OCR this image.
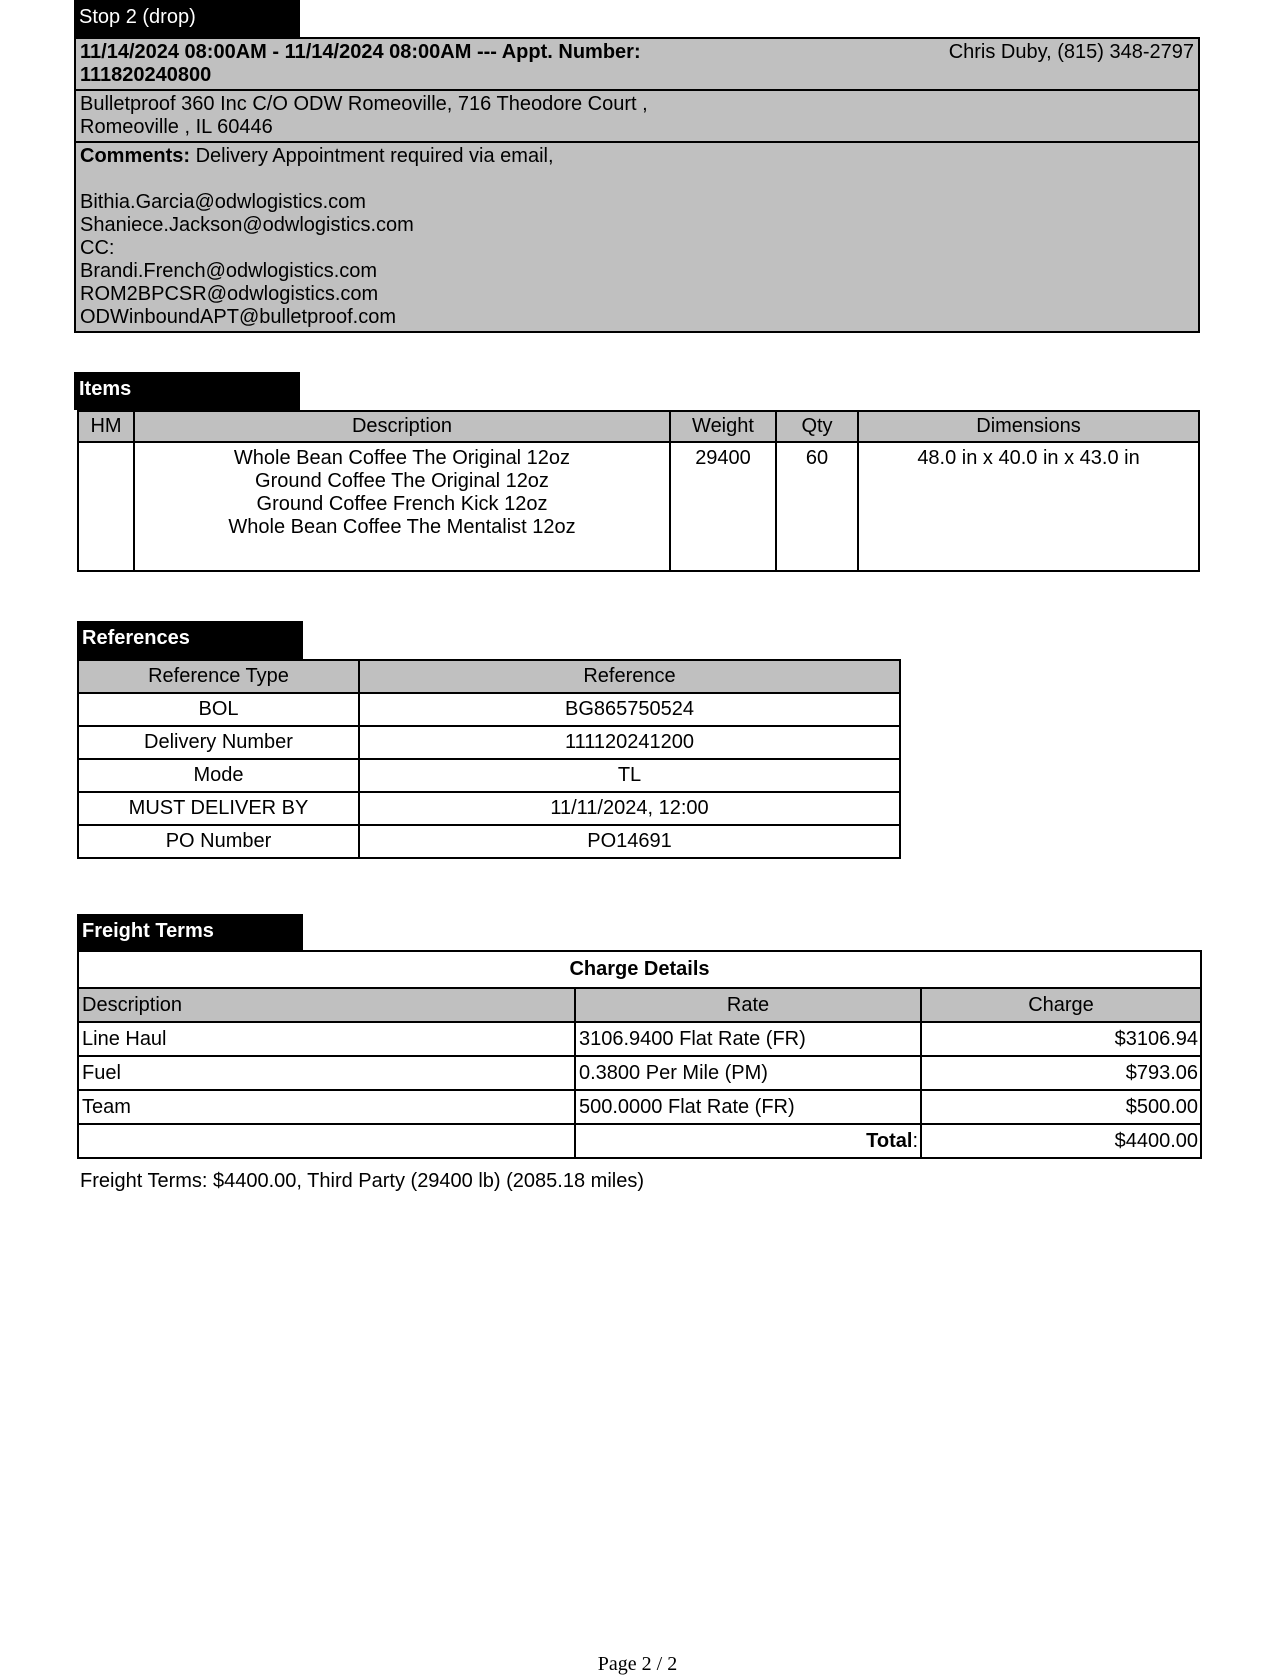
Stop 2 (drop)
11/14/2024 08:00AM - 11/14/2024 08:00AM --- Appt. Number: 111820240800
Chris Duby, (815) 348-2797
Bulletproof 360 Inc C/O ODW Romeoville, 716 Theodore Court ,
Romeoville , IL 60446
Comments: Delivery Appointment required via email,
Bithia.Garcia@odwlogistics.com
Shaniece.Jackson@odwlogistics.com
CC:
Brandi.French@odwlogistics.com
ROM2BPCSR@odwlogistics.com
ODWinboundAPT@bulletproof.com
Items
HM	Description	Weight	Qty	Dimensions

	Whole Bean Coffee The Original 12oz
Ground Coffee The Original 12oz
Ground Coffee French Kick 12oz
Whole Bean Coffee The Mentalist 12oz	29400	60	48.0 in x 40.0 in x 43.0 in
References
Reference Type	Reference
BOL	BG865750524
Delivery Number	111120241200
Mode	TL
MUST DELIVER BY	11/11/2024, 12:00
PO Number	PO14691
Freight Terms
Charge Details		
Description	Rate	Charge
Line Haul	3106.9400 Flat Rate (FR)	$3106.94
Fuel	0.3800 Per Mile (PM)	$793.06
Team	500.0000 Flat Rate (FR)	$500.00
	Total:	$4400.00
Freight Terms: $4400.00, Third Party (29400 lb) (2085.18 miles)
Page 2 / 2
